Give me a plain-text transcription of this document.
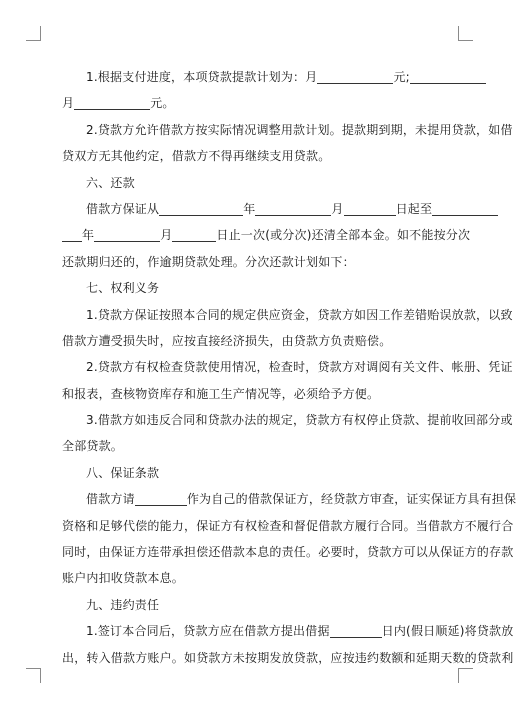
1.根据支付进度，本项贷款提款计划为：月	元;
月	元。
2.贷款方允许借款方按实际情况调整用款计划。提款期到期，未提用贷款，如借
贷双方无其他约定，借款方不得再继续支用贷款。
六、还款
借款方保证从	年	月	日起至
年	月	日止一次(或分次)还清全部本金。如不能按分次
还款期归还的，作逾期贷款处理。分次还款计划如下：
七、权利义务
1.贷款方保证按照本合同的规定供应资金，贷款方如因工作差错贻误放款，以致
借款方遭受损失时，应按直接经济损失，由贷款方负责赔偿。
2.贷款方有权检查贷款使用情况，检查时，贷款方对调阅有关文件、帐册、凭证
和报表，查核物资库存和施工生产情况等，必须给予方便。
3.借款方如违反合同和贷款办法的规定，贷款方有权停止贷款、提前收回部分或
全部贷款。
八、保证条款
借款方请	作为自己的借款保证方，经贷款方审查，证实保证方具有担保
资格和足够代偿的能力，保证方有权检查和督促借款方履行合同。当借款方不履行合
同时，由保证方连带承担偿还借款本息的责任。必要时，贷款方可以从保证方的存款
账户内扣收贷款本息。
九、违约责任
1.签订本合同后，贷款方应在借款方提出借据	日内(假日顺延)将贷款放
出，转入借款方账户。如贷款方未按期发放贷款，应按违约数额和延期天数的贷款利
